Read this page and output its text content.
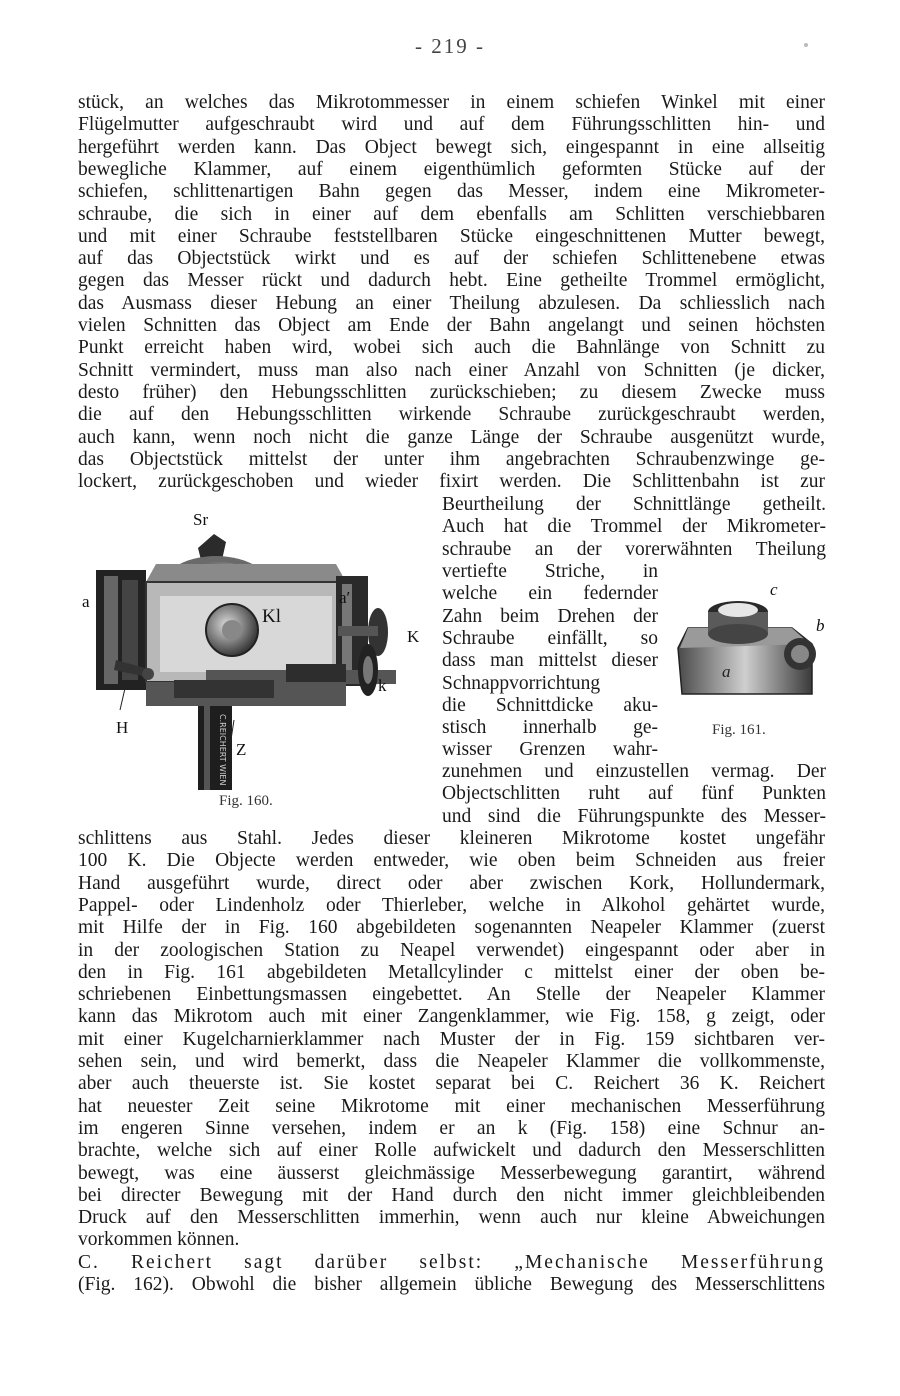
- 219 -
stück, an welches das Mikrotommesser in einem schiefen Winkel mit einer
Flügelmutter aufgeschraubt wird und auf dem Führungsschlitten hin- und
hergeführt werden kann. Das Object bewegt sich, eingespannt in eine allseitig
bewegliche Klammer, auf einem eigenthümlich geformten Stücke auf der
schiefen, schlittenartigen Bahn gegen das Messer, indem eine Mikrometer-
schraube, die sich in einer auf dem ebenfalls am Schlitten verschiebbaren
und mit einer Schraube feststellbaren Stücke eingeschnittenen Mutter bewegt,
auf das Objectstück wirkt und es auf der schiefen Schlittenebene etwas
gegen das Messer rückt und dadurch hebt. Eine getheilte Trommel ermöglicht,
das Ausmass dieser Hebung an einer Theilung abzulesen. Da schliesslich nach
vielen Schnitten das Object am Ende der Bahn angelangt und seinen höchsten
Punkt erreicht haben wird, wobei sich auch die Bahnlänge von Schnitt zu
Schnitt vermindert, muss man also nach einer Anzahl von Schnitten (je dicker,
desto früher) den Hebungsschlitten zurückschieben; zu diesem Zwecke muss
die auf den Hebungsschlitten wirkende Schraube zurückgeschraubt werden,
auch kann, wenn noch nicht die ganze Länge der Schraube ausgenützt wurde,
das Objectstück mittelst der unter ihm angebrachten Schraubenzwinge ge-
lockert, zurückgeschoben und wieder fixirt werden. Die Schlittenbahn ist zur
Beurtheilung der Schnittlänge getheilt.
Auch hat die Trommel der Mikrometer-
schraube an der vorerwähnten Theilung
vertiefte Striche, in
welche ein federnder
Zahn beim Drehen der
Schraube einfällt, so
dass man mittelst dieser
Schnappvorrichtung
die Schnittdicke aku-
stisch innerhalb ge-
wisser Grenzen wahr-
zunehmen und einzustellen vermag. Der
Objectschlitten ruht auf fünf Punkten
und sind die Führungspunkte des Messer-
schlittens aus Stahl. Jedes dieser kleineren Mikrotome kostet ungefähr
100 K. Die Objecte werden entweder, wie oben beim Schneiden aus freier
Hand ausgeführt wurde, direct oder aber zwischen Kork, Hollundermark,
Pappel- oder Lindenholz oder Thierleber, welche in Alkohol gehärtet wurde,
mit Hilfe der in Fig. 160 abgebildeten sogenannten Neapeler Klammer (zuerst
in der zoologischen Station zu Neapel verwendet) eingespannt oder aber in
den in Fig. 161 abgebildeten Metallcylinder c mittelst einer der oben be-
schriebenen Einbettungsmassen eingebettet. An Stelle der Neapeler Klammer
kann das Mikrotom auch mit einer Zangenklammer, wie Fig. 158, g zeigt, oder
mit einer Kugelcharnierklammer nach Muster der in Fig. 159 sichtbaren ver-
sehen sein, und wird bemerkt, dass die Neapeler Klammer die vollkommenste,
aber auch theuerste ist. Sie kostet separat bei C. Reichert 36 K. Reichert
hat neuester Zeit seine Mikrotome mit einer mechanischen Messerführung
im engeren Sinne versehen, indem er an k (Fig. 158) eine Schnur an-
brachte, welche sich auf einer Rolle aufwickelt und dadurch den Messerschlitten
bewegt, was eine äusserst gleichmässige Messerbewegung garantirt, während
bei directer Bewegung mit der Hand durch den nicht immer gleichbleibenden
Druck auf den Messerschlitten immerhin, wenn auch nur kleine Abweichungen
vorkommen können.
C. Reichert sagt darüber selbst: „Mechanische Messerführung
(Fig. 162). Obwohl die bisher allgemein übliche Bewegung des Messerschlittens
C.REICHERT WIEN
Sr
a	a′
Kl
K
k
H
Z
Fig. 160.
c
b
a
Fig. 161.
